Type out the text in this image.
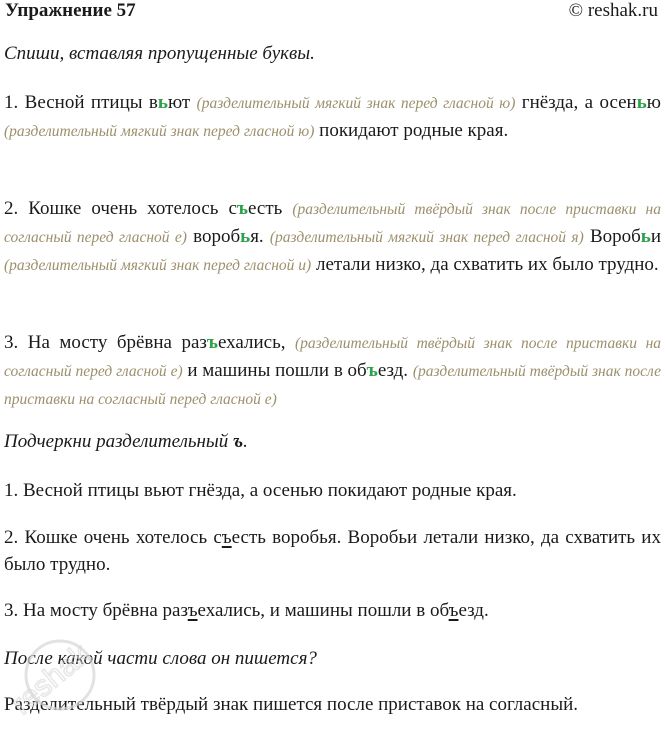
Упражнение 57	© reshak.ru
Спиши, вставляя пропущенные буквы.
1. Весной птицы вьют (разделительный мягкий знак перед гласной ю) гнёзда, а осенью (разделительный мягкий знак перед гласной ю) покидают родные края.
2. Кошке очень хотелось съесть (разделительный твёрдый знак после приставки на согласный перед гласной е) воробья. (разделительный мягкий знак перед гласной я) Воробьи (разделительный мягкий знак перед гласной и) летали низко, да схватить их было трудно.
3. На мосту брёвна разъехались, (разделительный твёрдый знак после приставки на согласный перед гласной е) и машины пошли в объезд. (разделительный твёрдый знак после приставки на согласный перед гласной е)
Подчеркни разделительный ъ.
1. Весной птицы вьют гнёзда, а осенью покидают родные края.
2. Кошке очень хотелось съесть воробья. Воробьи летали низко, да схватить их было трудно.
3. На мосту брёвна разъехались, и машины пошли в объезд.
После какой части слова он пишется?
Разделительный твёрдый знак пишется после приставок на согласный.
reshak
